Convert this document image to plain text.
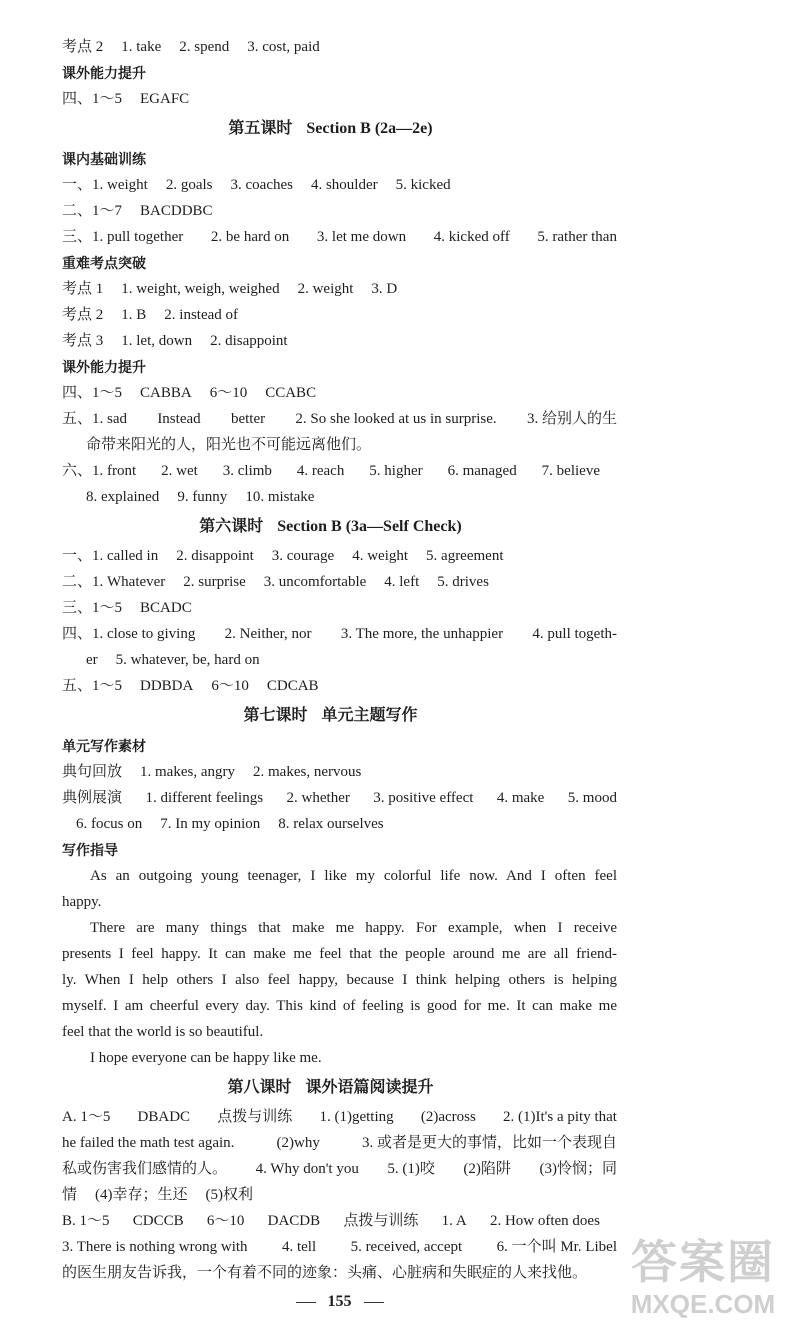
考点 2 1. take 2. spend 3. cost, paid
课外能力提升
四、1～5 EGAFC
第五课时 Section B (2a—2e)
课内基础训练
一、1. weight 2. goals 3. coaches 4. shoulder 5. kicked
二、1～7 BACDDBC
三、1. pull together 2. be hard on 3. let me down 4. kicked off 5. rather than
重难考点突破
考点 1 1. weight, weigh, weighed 2. weight 3. D
考点 2 1. B 2. instead of
考点 3 1. let, down 2. disappoint
课外能力提升
四、1～5 CABBA 6～10 CCABC
五、1. sad Instead better 2. So she looked at us in surprise. 3. 给别人的生
命带来阳光的人，阳光也不可能远离他们。
六、1. front 2. wet 3. climb 4. reach 5. higher 6. managed 7. believe
8. explained 9. funny 10. mistake
第六课时 Section B (3a—Self Check)
一、1. called in 2. disappoint 3. courage 4. weight 5. agreement
二、1. Whatever 2. surprise 3. uncomfortable 4. left 5. drives
三、1～5 BCADC
四、1. close to giving 2. Neither, nor 3. The more, the unhappier 4. pull togeth-
er 5. whatever, be, hard on
五、1～5 DDBDA 6～10 CDCAB
第七课时 单元主题写作
单元写作素材
典句回放 1. makes, angry 2. makes, nervous
典例展演 1. different feelings 2. whether 3. positive effect 4. make 5. mood
6. focus on 7. In my opinion 8. relax ourselves
写作指导
As an outgoing young teenager, I like my colorful life now. And I often feel
happy.
There are many things that make me happy. For example, when I receive
presents I feel happy. It can make me feel that the people around me are all friend-
ly. When I help others I also feel happy, because I think helping others is helping
myself. I am cheerful every day. This kind of feeling is good for me. It can make me
feel that the world is so beautiful.
I hope everyone can be happy like me.
第八课时 课外语篇阅读提升
A. 1～5 DBADC 点拨与训练 1. (1)getting (2)across 2. (1)It's a pity that
he failed the math test again.	(2)why	3. 或者是更大的事情，比如一个表现自
私或伤害我们感情的人。 4. Why don't you 5. (1)咬 (2)陷阱 (3)怜悯；同
情 (4)幸存；生还 (5)权利
B. 1～5 CDCCB 6～10 DACDB 点拨与训练 1. A 2. How often does
3. There is nothing wrong with 4. tell 5. received, accept 6. 一个叫 Mr. Libel
的医生朋友告诉我，一个有着不同的迹象：头痛、心脏病和失眠症的人来找他。
155
答案圈
MXQE.COM
